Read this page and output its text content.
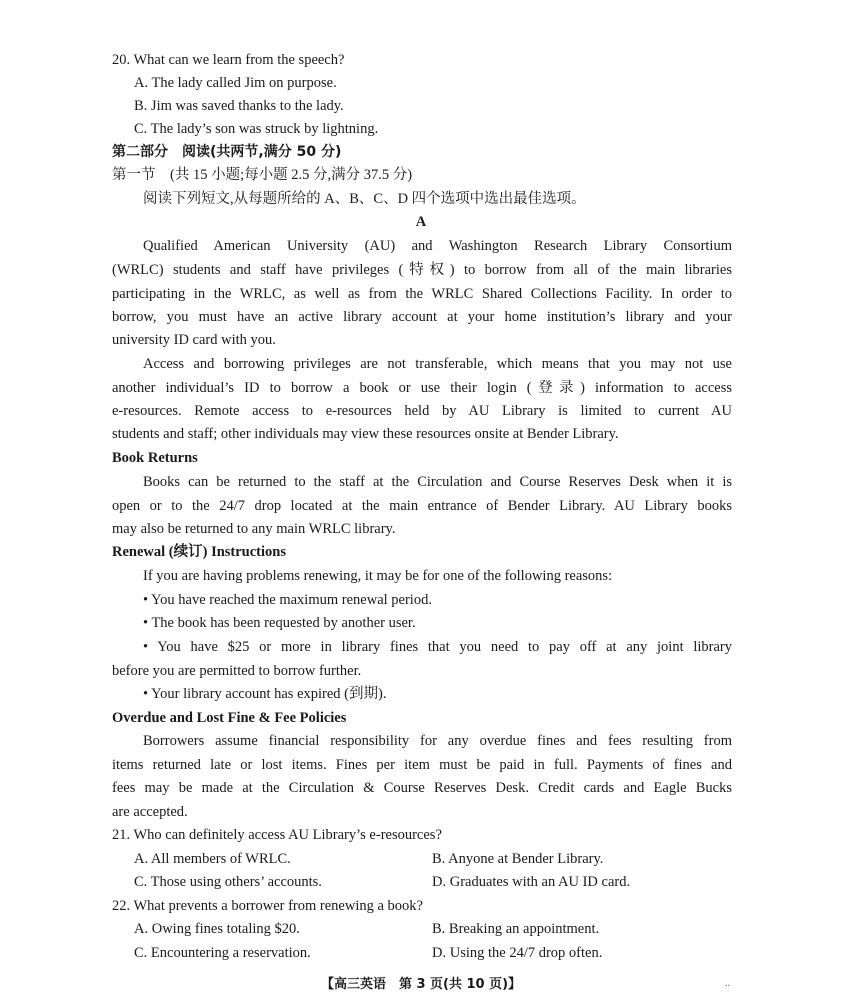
20. What can we learn from the speech?
A. The lady called Jim on purpose.
B. Jim was saved thanks to the lady.
C. The lady’s son was struck by lightning.
第二部分　阅读(共两节,满分 50 分)
第一节　(共 15 小题;每小题 2.5 分,满分 37.5 分)
阅读下列短文,从每题所给的 A、B、C、D 四个选项中选出最佳选项。
A
Qualified American University (AU) and Washington Research Library Consortium
(WRLC) students and staff have privileges (特权) to borrow from all of the main libraries
participating in the WRLC, as well as from the WRLC Shared Collections Facility. In order to
borrow, you must have an active library account at your home institution’s library and your
university ID card with you.
Access and borrowing privileges are not transferable, which means that you may not use
another individual’s ID to borrow a book or use their login (登录) information to access
e-resources. Remote access to e-resources held by AU Library is limited to current AU
students and staff; other individuals may view these resources onsite at Bender Library.
Book Returns
Books can be returned to the staff at the Circulation and Course Reserves Desk when it is
open or to the 24/7 drop located at the main entrance of Bender Library. AU Library books
may also be returned to any main WRLC library.
Renewal (续订) Instructions
If you are having problems renewing, it may be for one of the following reasons:
• You have reached the maximum renewal period.
• The book has been requested by another user.
• You have $25 or more in library fines that you need to pay off at any joint library
before you are permitted to borrow further.
• Your library account has expired (到期).
Overdue and Lost Fine & Fee Policies
Borrowers assume financial responsibility for any overdue fines and fees resulting from
items returned late or lost items. Fines per item must be paid in full. Payments of fines and
fees may be made at the Circulation & Course Reserves Desk. Credit cards and Eagle Bucks
are accepted.
21. Who can definitely access AU Library’s e-resources?
A. All members of WRLC.	B. Anyone at Bender Library.
C. Those using others’ accounts.	D. Graduates with an AU ID card.
22. What prevents a borrower from renewing a book?
A. Owing fines totaling $20.	B. Breaking an appointment.
C. Encountering a reservation.	D. Using the 24/7 drop often.
【高三英语　第 3 页(共 10 页)】	..
